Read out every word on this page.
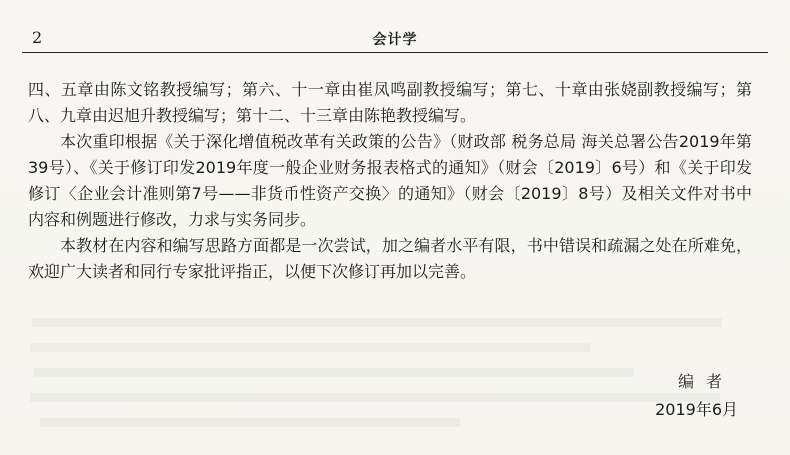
2	会计学

四、五章由陈文铭教授编写；第六、十一章由崔凤鸣副教授编写；第七、十章由张娆副教授编写；第八、九章由迟旭升教授编写；第十二、十三章由陈艳教授编写。

本次重印根据《关于深化增值税改革有关政策的公告》（财政部 税务总局 海关总署公告2019年第39号）、《关于修订印发2019年度一般企业财务报表格式的通知》（财会〔2019〕6号）和《关于印发修订〈企业会计准则第7号——非货币性资产交换〉的通知》（财会〔2019〕8号）及相关文件对书中内容和例题进行修改，力求与实务同步。

本教材在内容和编写思路方面都是一次尝试，加之编者水平有限，书中错误和疏漏之处在所难免，欢迎广大读者和同行专家批评指正，以便下次修订再加以完善。

编者
2019年6月
